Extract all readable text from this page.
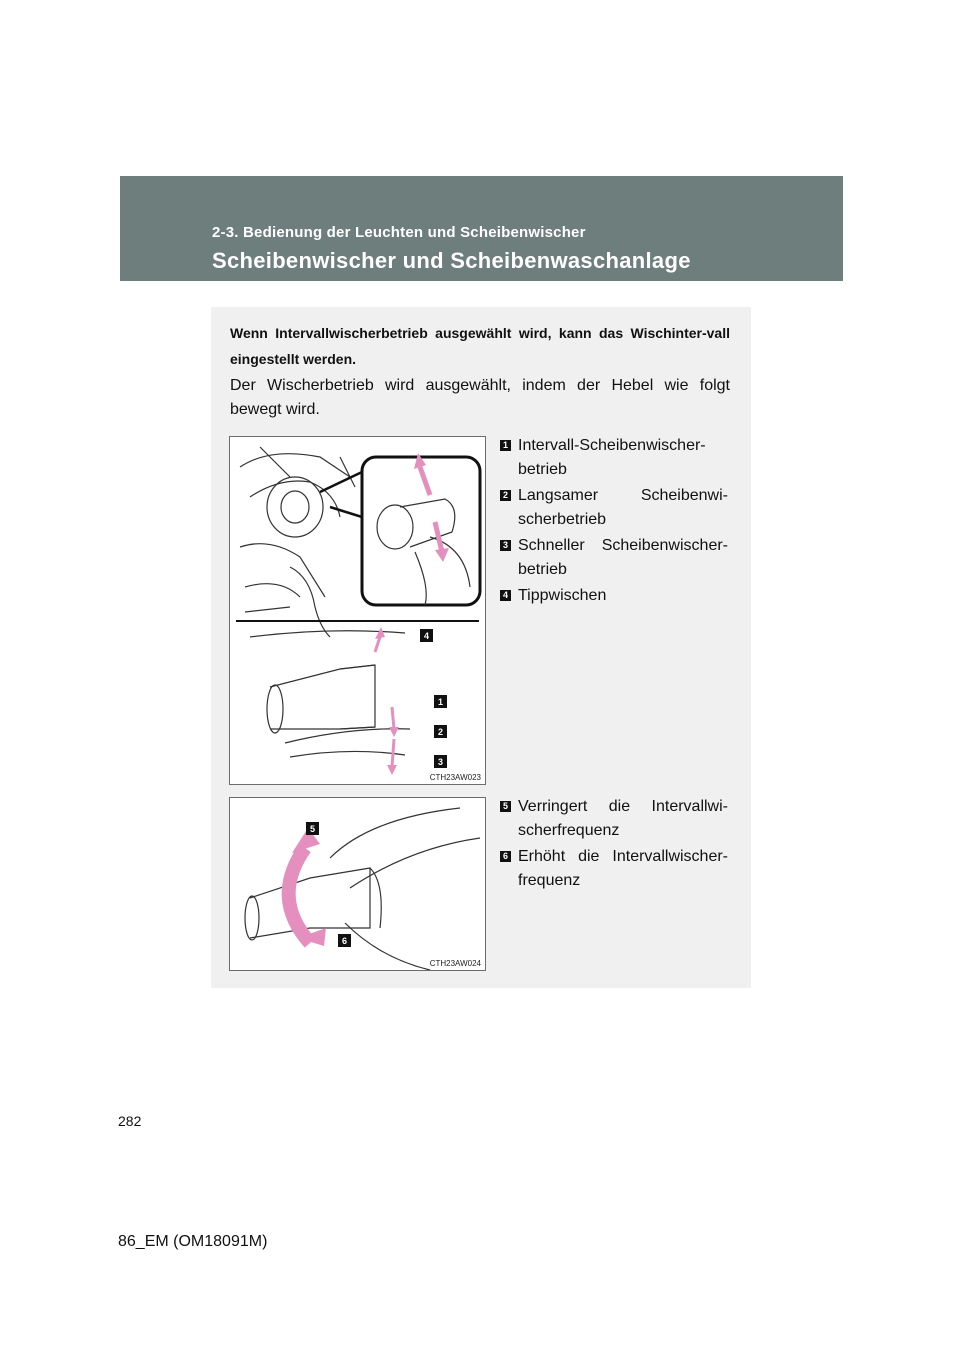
2-3. Bedienung der Leuchten und Scheibenwischer
Scheibenwischer und Scheibenwaschanlage
Wenn Intervallwischerbetrieb ausgewählt wird, kann das Wischinter-vall eingestellt werden.
Der Wischerbetrieb wird ausgewählt, indem der Hebel wie folgt bewegt wird.
4
1
2
3
CTH23AW023
1 Intervall-Scheibenwischer-betrieb
2 Langsamer Scheibenwi-scherbetrieb
3 Schneller Scheibenwischer-betrieb
4 Tippwischen
5
6
CTH23AW024
5 Verringert die Intervallwi-scherfrequenz
6 Erhöht die Intervallwischer-frequenz
282
86_EM (OM18091M)
